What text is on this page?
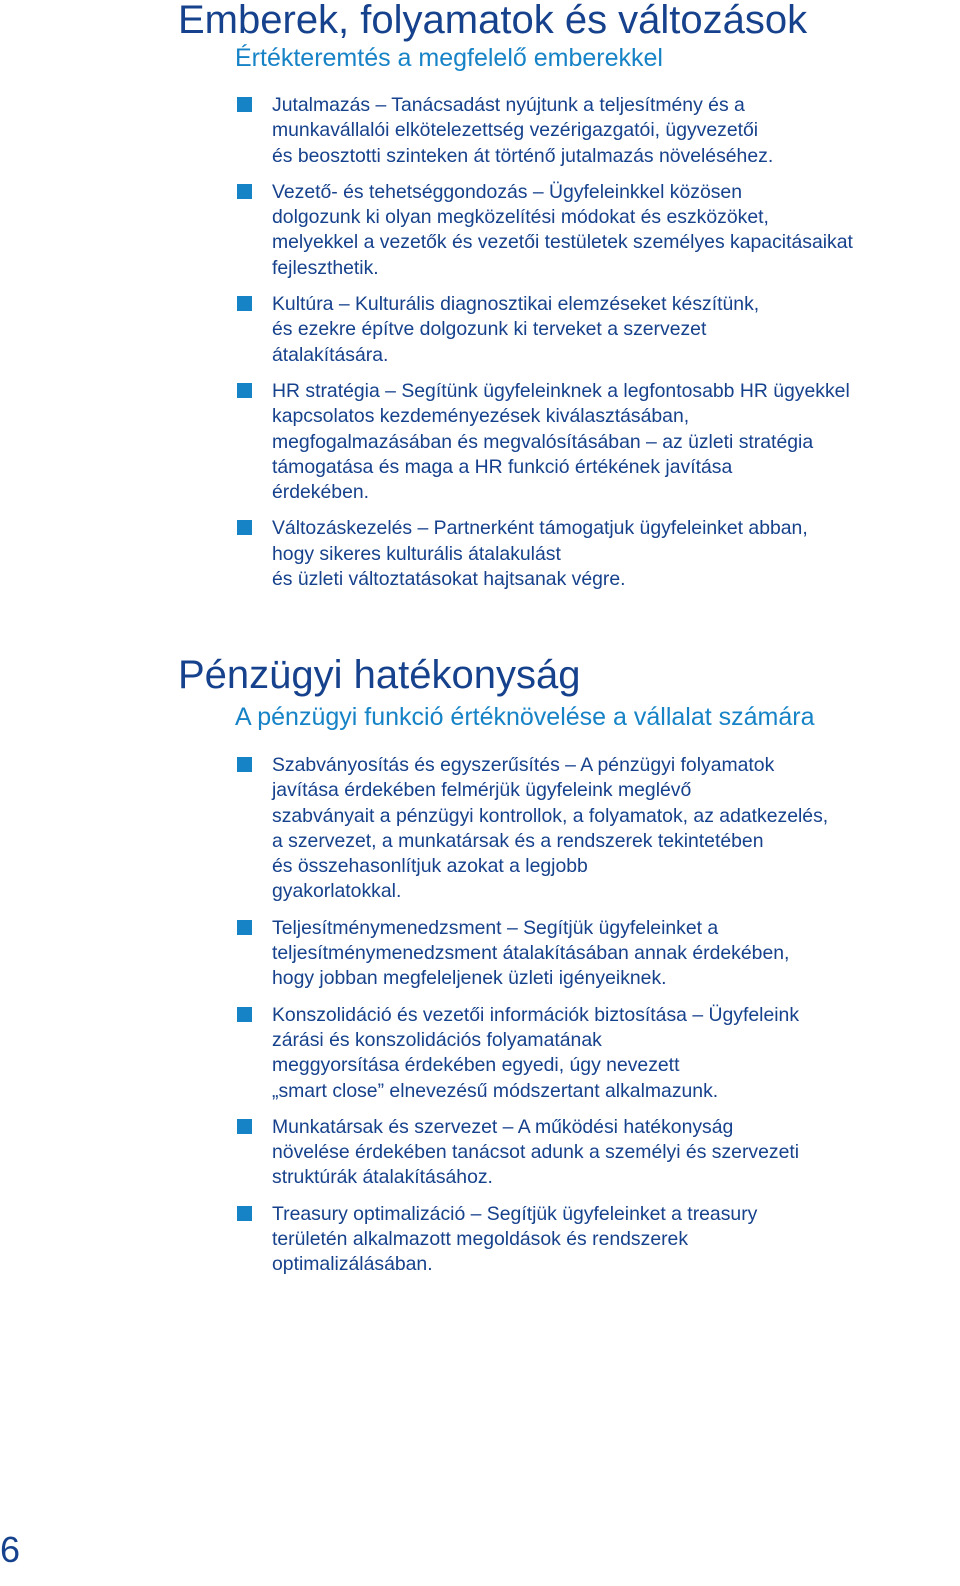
Emberek, folyamatok és változások
Értékteremtés a megfelelő emberekkel
Jutalmazás – Tanácsadást nyújtunk a teljesítmény és a
munkavállalói elkötelezettség vezérigazgatói, ügyvezetői
és beosztotti szinteken át történő jutalmazás növeléséhez.
Vezető- és tehetséggondozás – Ügyfeleinkkel közösen
dolgozunk ki olyan megközelítési módokat és eszközöket,
melyekkel a vezetők és vezetői testületek személyes kapacitásaikat
fejleszthetik.
Kultúra – Kulturális diagnosztikai elemzéseket készítünk,
és ezekre építve dolgozunk ki terveket a szervezet
átalakítására.
HR stratégia – Segítünk ügyfeleinknek a legfontosabb HR ügyekkel
kapcsolatos kezdeményezések kiválasztásában,
megfogalmazásában és megvalósításában – az üzleti stratégia
támogatása és maga a HR funkció értékének javítása
érdekében.
Változáskezelés – Partnerként támogatjuk ügyfeleinket abban,
hogy sikeres kulturális átalakulást
és üzleti változtatásokat hajtsanak végre.
Pénzügyi hatékonyság
A pénzügyi funkció értéknövelése a vállalat számára
Szabványosítás és egyszerűsítés – A pénzügyi folyamatok
javítása érdekében felmérjük ügyfeleink meglévő
szabványait a pénzügyi kontrollok, a folyamatok, az adatkezelés,
a szervezet, a munkatársak és a rendszerek tekintetében
és összehasonlítjuk azokat a legjobb
gyakorlatokkal.
Teljesítménymenedzsment – Segítjük ügyfeleinket a
teljesítménymenedzsment átalakításában annak érdekében,
hogy jobban megfeleljenek üzleti igényeiknek.
Konszolidáció és vezetői információk biztosítása – Ügyfeleink
zárási és konszolidációs folyamatának
meggyorsítása érdekében egyedi, úgy nevezett
„smart close” elnevezésű módszertant alkalmazunk.
Munkatársak és szervezet – A működési hatékonyság
növelése érdekében tanácsot adunk a személyi és szervezeti
struktúrák átalakításához.
Treasury optimalizáció – Segítjük ügyfeleinket a treasury
területén alkalmazott megoldások és rendszerek
optimalizálásában.
6
